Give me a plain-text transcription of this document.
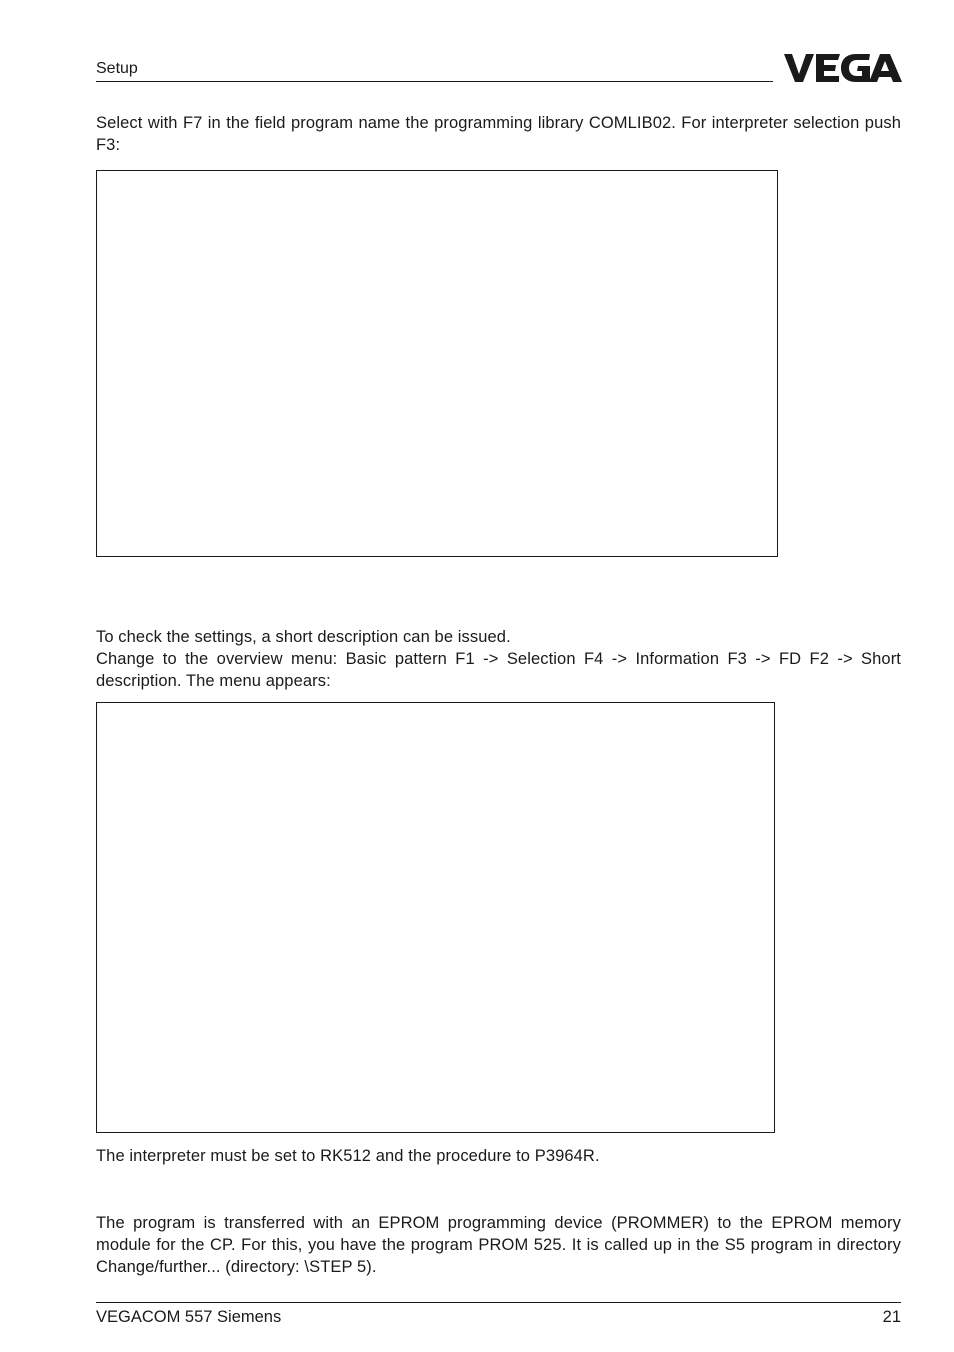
Setup
Select with F7 in the field program name the programming library COMLIB02. For interpreter selection push F3:
To check the settings, a short description can be issued.
Change to the overview menu: Basic pattern F1 -> Selection F4 -> Information F3 -> FD F2 -> Short description. The menu appears:
The interpreter must be set to RK512 and the procedure to P3964R.
The program is transferred with an EPROM programming device (PROMMER) to the EPROM memory module for the CP. For this, you have the program PROM 525. It is called up in the S5 program in directory Change/further... (directory: \STEP 5).
VEGACOM 557 Siemens	21
